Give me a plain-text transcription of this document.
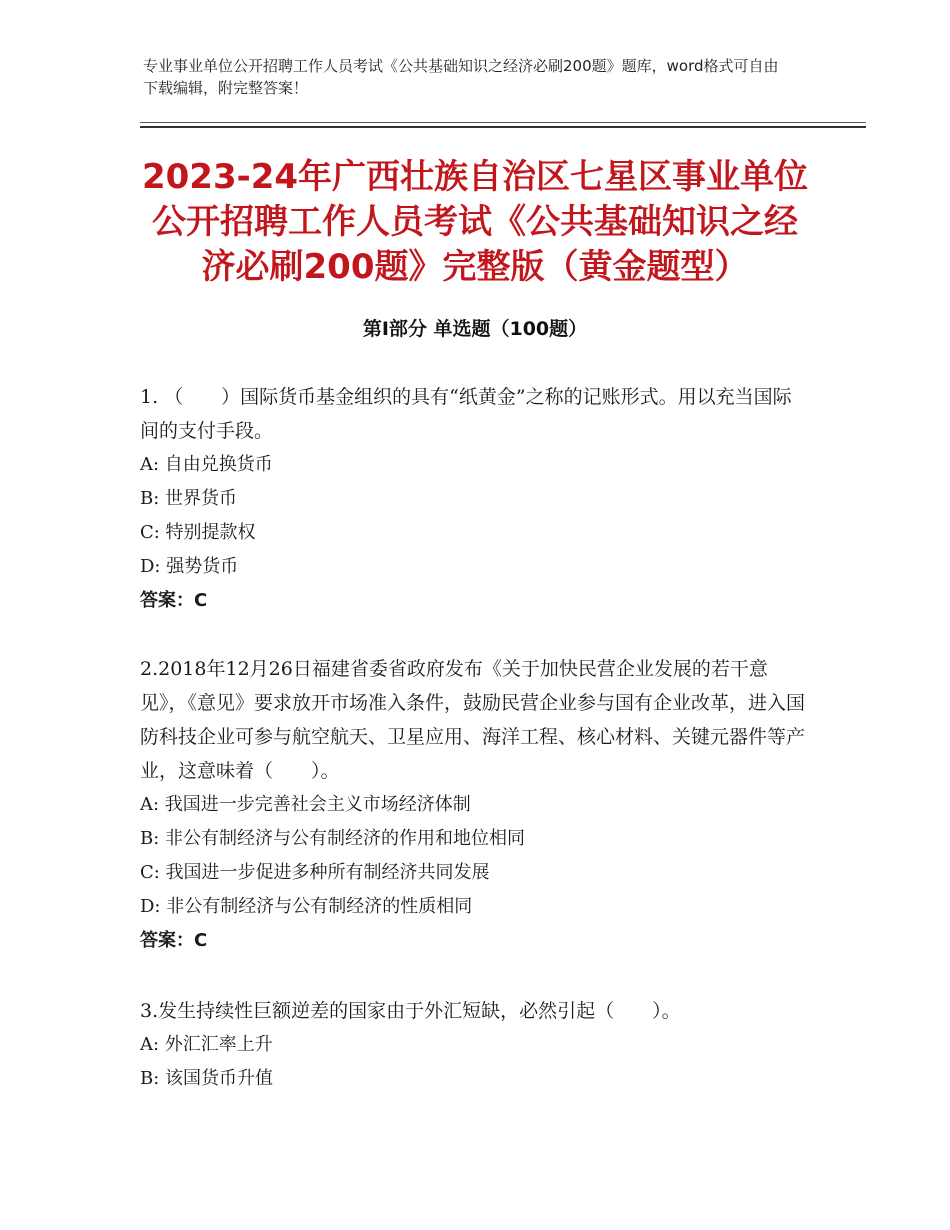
专业事业单位公开招聘工作人员考试《公共基础知识之经济必刷200题》题库，word格式可自由下载编辑，附完整答案！
2023-24年广西壮族自治区七星区事业单位公开招聘工作人员考试《公共基础知识之经济必刷200题》完整版（黄金题型）
第Ⅰ部分 单选题（100题）

1. （　　）国际货币基金组织的具有“纸黄金”之称的记账形式。用以充当国际间的支付手段。

A: 自由兑换货币

B: 世界货币

C: 特别提款权

D: 强势货币

答案：C

2.2018年12月26日福建省委省政府发布《关于加快民营企业发展的若干意见》，《意见》要求放开市场准入条件，鼓励民营企业参与国有企业改革，进入国防科技企业可参与航空航天、卫星应用、海洋工程、核心材料、关键元器件等产业，这意味着（　　）。

A: 我国进一步完善社会主义市场经济体制

B: 非公有制经济与公有制经济的作用和地位相同

C: 我国进一步促进多种所有制经济共同发展

D: 非公有制经济与公有制经济的性质相同

答案：C

3.发生持续性巨额逆差的国家由于外汇短缺，必然引起（　　）。

A: 外汇汇率上升

B: 该国货币升值
